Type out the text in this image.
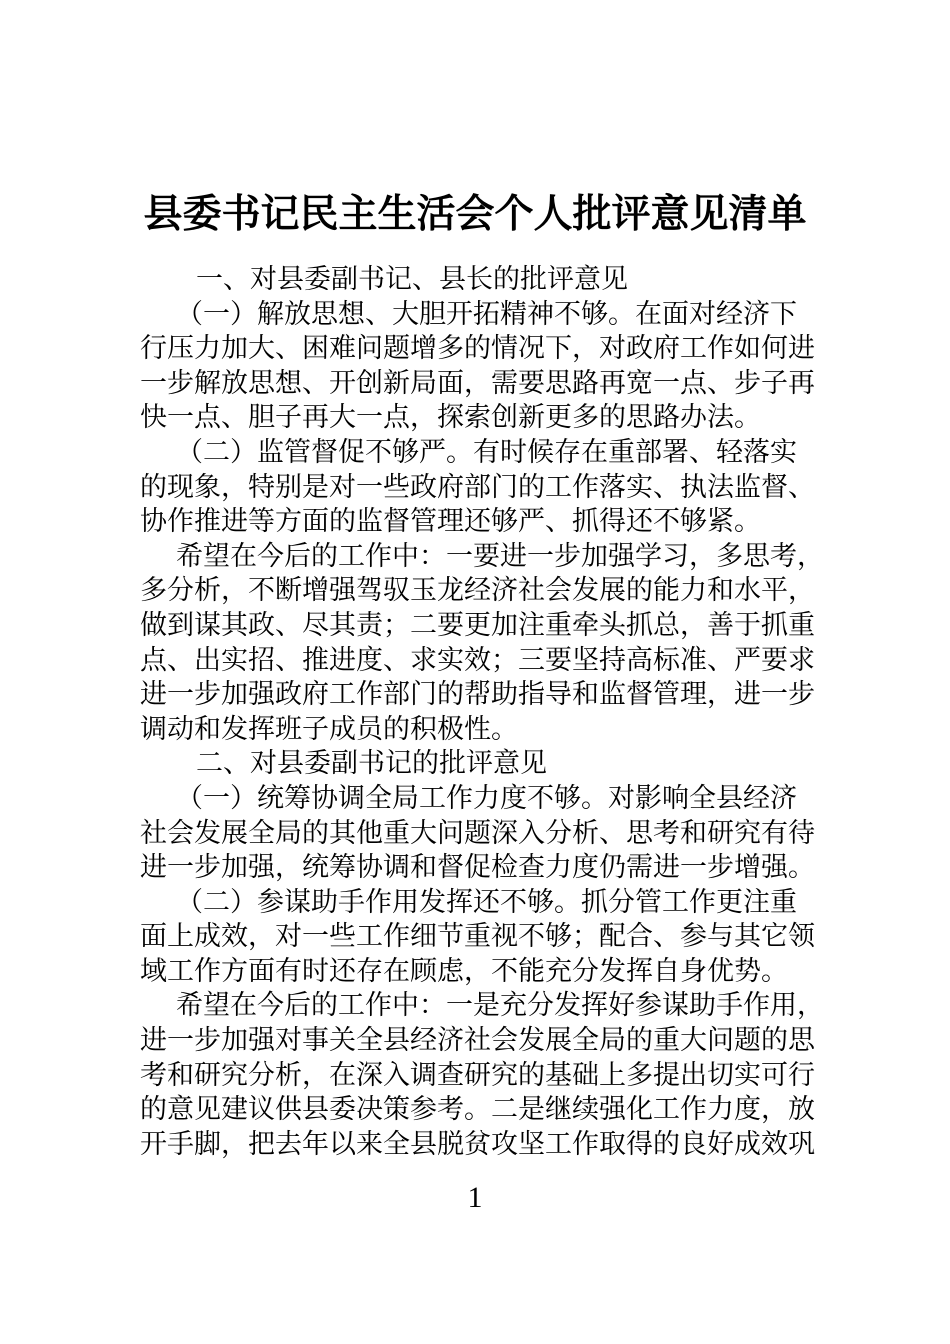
县委书记民主生活会个人批评意见清单
一、对县委副书记、县长的批评意见
（一）解放思想、大胆开拓精神不够。在面对经济下
行压力加大、困难问题增多的情况下，对政府工作如何进
一步解放思想、开创新局面，需要思路再宽一点、步子再
快一点、胆子再大一点，探索创新更多的思路办法。
（二）监管督促不够严。有时候存在重部署、轻落实
的现象，特别是对一些政府部门的工作落实、执法监督、
协作推进等方面的监督管理还够严、抓得还不够紧。
希望在今后的工作中：一要进一步加强学习，多思考，
多分析，不断增强驾驭玉龙经济社会发展的能力和水平，
做到谋其政、尽其责；二要更加注重牵头抓总，善于抓重
点、出实招、推进度、求实效；三要坚持高标准、严要求
进一步加强政府工作部门的帮助指导和监督管理，进一步
调动和发挥班子成员的积极性。
二、对县委副书记的批评意见
（一）统筹协调全局工作力度不够。对影响全县经济
社会发展全局的其他重大问题深入分析、思考和研究有待
进一步加强，统筹协调和督促检查力度仍需进一步增强。
（二）参谋助手作用发挥还不够。抓分管工作更注重
面上成效，对一些工作细节重视不够；配合、参与其它领
域工作方面有时还存在顾虑，不能充分发挥自身优势。
希望在今后的工作中：一是充分发挥好参谋助手作用，
进一步加强对事关全县经济社会发展全局的重大问题的思
考和研究分析，在深入调查研究的基础上多提出切实可行
的意见建议供县委决策参考。二是继续强化工作力度，放
开手脚，把去年以来全县脱贫攻坚工作取得的良好成效巩
1
